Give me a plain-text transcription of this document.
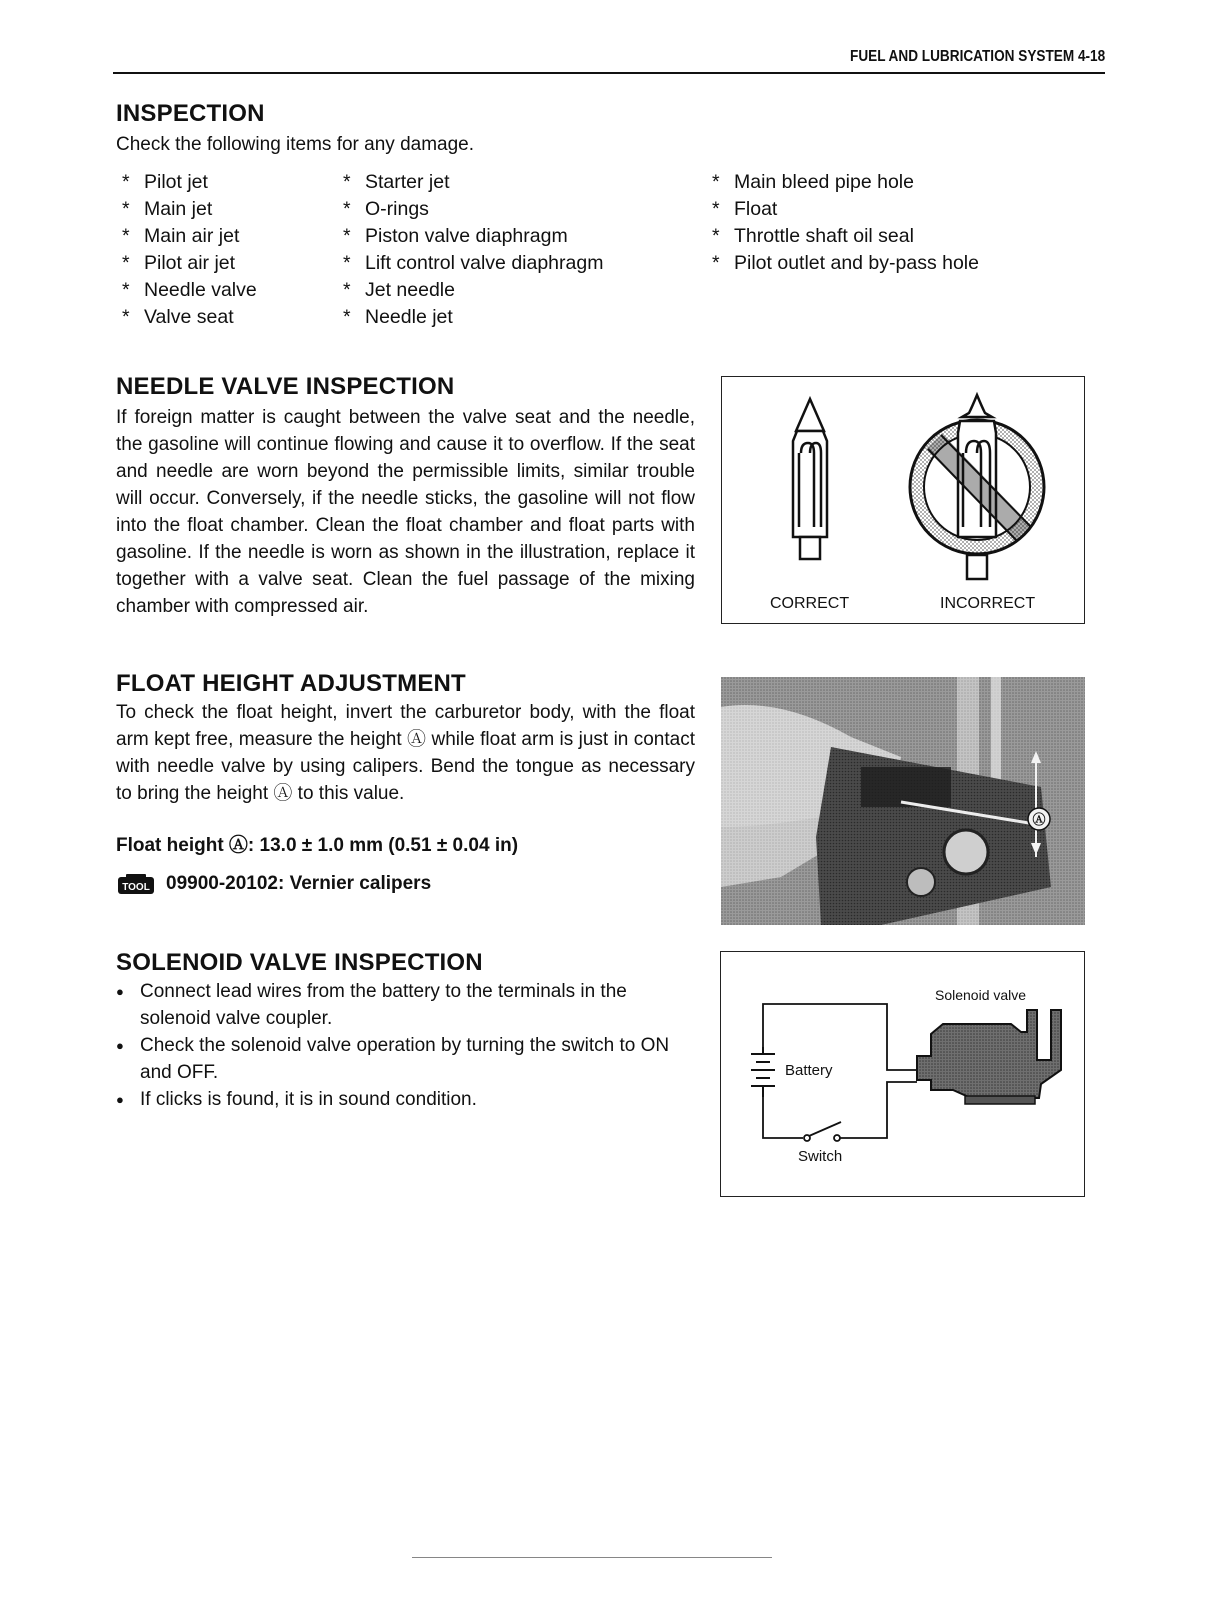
FUEL AND LUBRICATION SYSTEM 4-18
INSPECTION

Check the following items for any damage.

* Pilot jet
* Main jet
* Main air jet
* Pilot air jet
* Needle valve
* Valve seat
* Starter jet
* O-rings
* Piston valve diaphragm
* Lift control valve diaphragm
* Jet needle
* Needle jet
* Main bleed pipe hole
* Float
* Throttle shaft oil seal
* Pilot outlet and by-pass hole
NEEDLE VALVE INSPECTION

If foreign matter is caught between the valve seat and the needle, the gasoline will continue flowing and cause it to overflow. If the seat and needle are worn beyond the permissible limits, similar trouble will occur. Conversely, if the needle sticks, the gasoline will not flow into the float chamber. Clean the float chamber and float parts with gasoline. If the needle is worn as shown in the illustration, replace it together with a valve seat. Clean the fuel passage of the mixing chamber with compressed air.	CORRECT	INCORRECT
FLOAT HEIGHT ADJUSTMENT

To check the float height, invert the carburetor body, with the float arm kept free, measure the height Ⓐ while float arm is just in contact with needle valve by using calipers. Bend the tongue as necessary to bring the height Ⓐ to this value.

Float height Ⓐ: 13.0 ± 1.0 mm (0.51 ± 0.04 in)

TOOL 09900-20102: Vernier calipers
Ⓐ
SOLENOID VALVE INSPECTION
● Connect lead wires from the battery to the terminals in the solenoid valve coupler.
● Check the solenoid valve operation by turning the switch to ON and OFF.
● If clicks is found, it is in sound condition.
Battery
Switch
Solenoid valve
